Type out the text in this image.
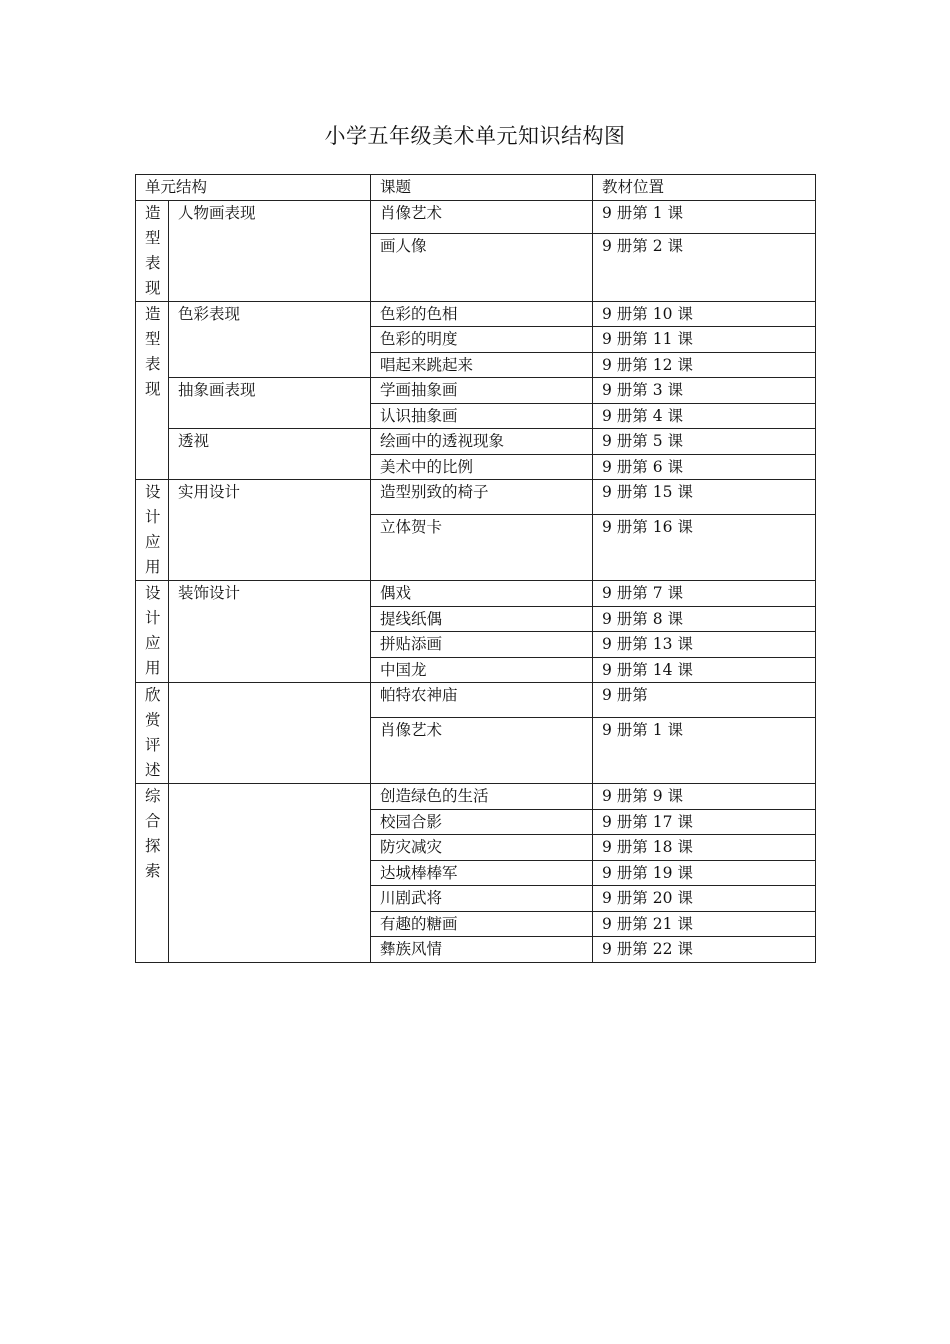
小学五年级美术单元知识结构图
单元结构		课题	教材位置

造
型
表
现	人物画表现	肖像艺术	9 册第 1 课
		画人像	9 册第 2 课

造
型
表
现	色彩表现	色彩的色相	9 册第 10 课
		色彩的明度	9 册第 11 课
		唱起来跳起来	9 册第 12 课
	抽象画表现	学画抽象画	9 册第 3 课
		认识抽象画	9 册第 4 课
	透视	绘画中的透视现象	9 册第 5 课
		美术中的比例	9 册第 6 课

设
计
应
用	实用设计	造型别致的椅子	9 册第 15 课
		立体贺卡	9 册第 16 课

设
计
应
用	装饰设计	偶戏	9 册第 7 课
		提线纸偶	9 册第 8 课
		拼贴添画	9 册第 13 课
		中国龙	9 册第 14 课

欣
赏
评
述		帕特农神庙	9 册第
		肖像艺术	9 册第 1 课

综
合
探
索		创造绿色的生活	9 册第 9 课
		校园合影	9 册第 17 课
		防灾减灾	9 册第 18 课
		达城棒棒军	9 册第 19 课
		川剧武将	9 册第 20 课
		有趣的糖画	9 册第 21 课
		彝族风情	9 册第 22 课
